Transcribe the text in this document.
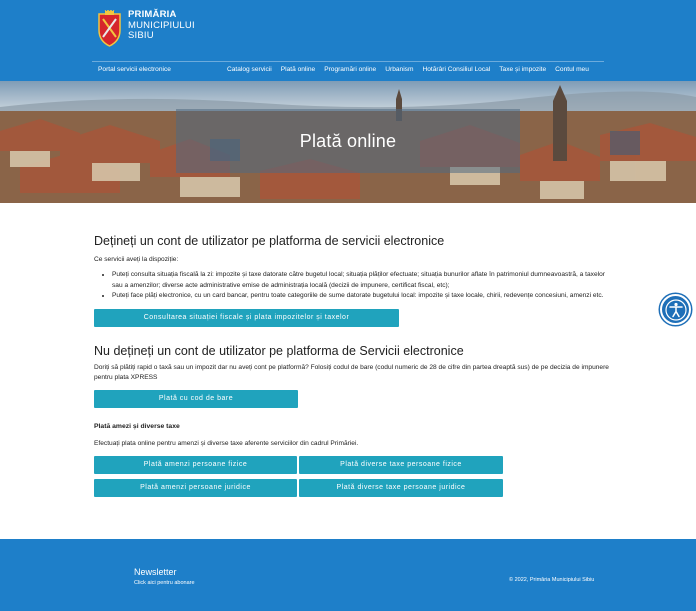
PRIMĂRIA
MUNICIPIULUI
SIBIU
Portal servicii electronice	Catalog servicii Plată online Programări online Urbanism Hotărâri Consiliul Local Taxe și impozite Contul meu
Plată online
Dețineți un cont de utilizator pe platforma de servicii electronice

Ce servicii aveți la dispoziție:

• Puteți consulta situația fiscală la zi: impozite și taxe datorate către bugetul local; situația plăților efectuate; situația bunurilor aflate în patrimoniul dumneavoastră, a taxelor sau a amenzilor; diverse acte administrative emise de administrația locală (decizii de impunere, certificat fiscal, etc);
• Puteți face plăți electronice, cu un card bancar, pentru toate categoriile de sume datorate bugetului local: impozite și taxe locale, chirii, redevențe concesiuni, amenzi etc.
Consultarea situației fiscale și plata impozitelor și taxelor
Nu dețineți un cont de utilizator pe platforma de Servicii electronice

Doriți să plătiți rapid o taxă sau un impozit dar nu aveți cont pe platformă? Folosiți codul de bare (codul numeric de 28 de cifre din partea dreaptă sus) de pe decizia de impunere pentru plata XPRESS

Plată cu cod de bare
Plată amezi și diverse taxe

Efectuați plata online pentru amenzi și diverse taxe aferente serviciilor din cadrul Primăriei.

Plată amenzi persoane fizice	Plată diverse taxe persoane fizice
Plată amenzi persoane juridice	Plată diverse taxe persoane juridice
Newsletter
Click aici pentru abonare	© 2022, Primăria Municipiului Sibiu
